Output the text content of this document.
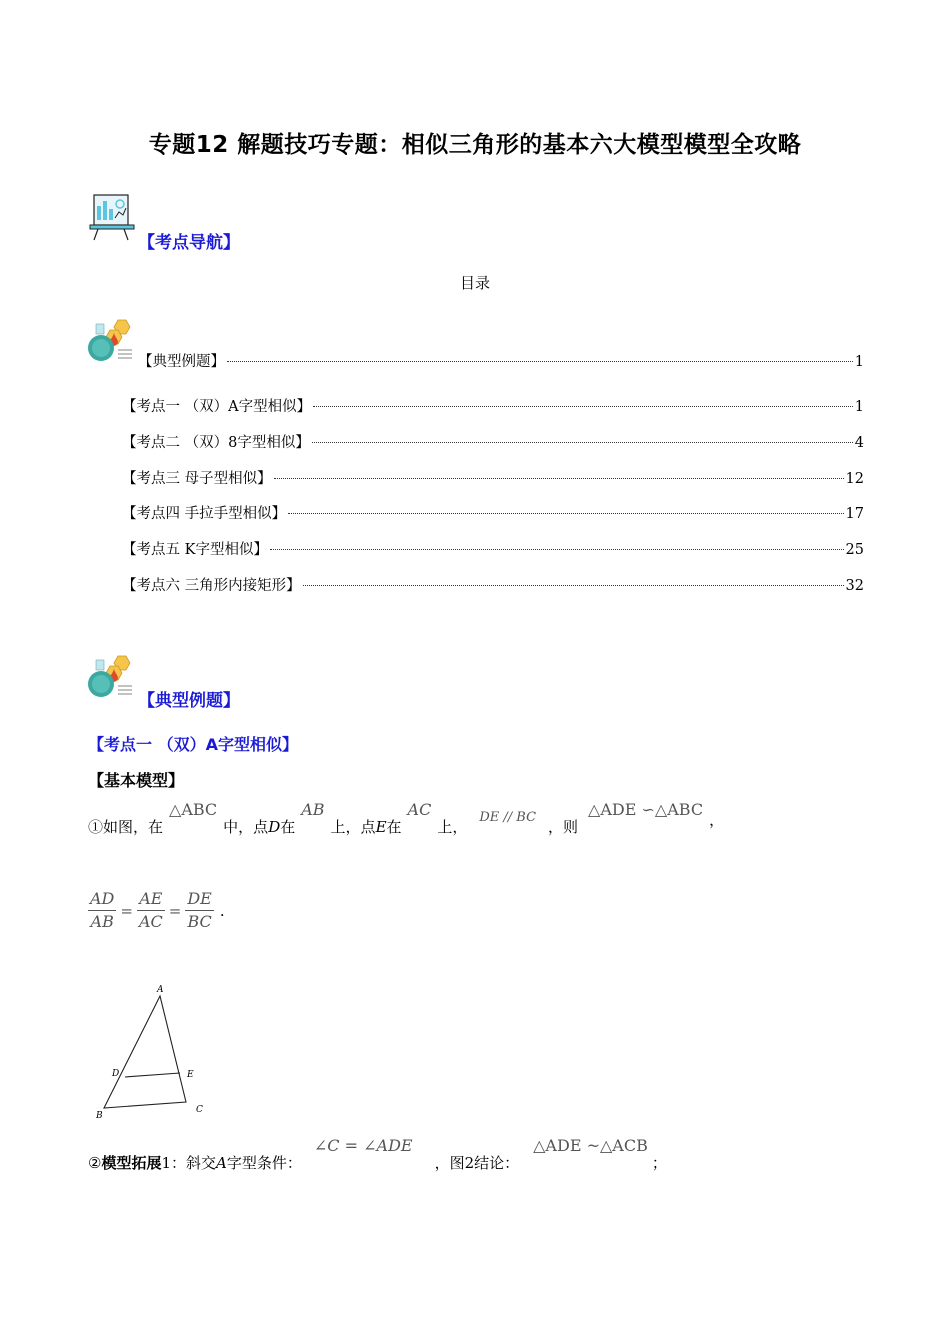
专题12 解题技巧专题：相似三角形的基本六大模型模型全攻略
【考点导航】
目录
【典型例题】	1
【考点一 （双）A字型相似】	1
【考点二 （双）8字型相似】	4
【考点三 母子型相似】	12
【考点四 手拉手型相似】	17
【考点五 K字型相似】	25
【考点六 三角形内接矩形】	32
【典型例题】
【考点一 （双）A字型相似】
【基本模型】
①如图，在△ABC中，点D在AB上，点E在AC上，DE // BC，则△ADE ∽△ABC，
$\frac{AD}{AB} = \frac{AE}{AC} = \frac{DE}{BC}$ .
A
B
C
D	E
②模型拓展1：斜交A字型条件：∠C = ∠ADE，图2结论：△ADE ~△ACB；
